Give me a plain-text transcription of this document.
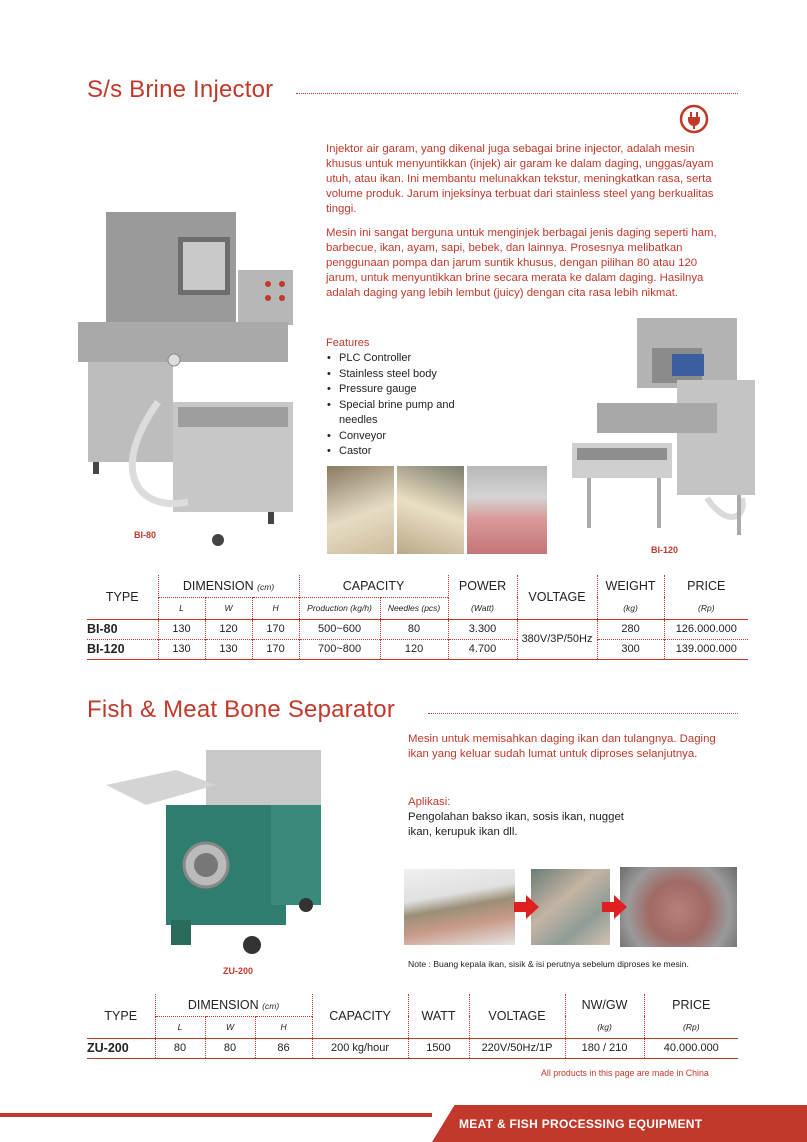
S/s Brine Injector
Injektor air garam, yang dikenal juga sebagai brine injector, adalah mesin khusus untuk menyuntikkan (injek) air garam ke dalam daging, unggas/ayam utuh, atau ikan. Ini membantu melunakkan tekstur, meningkatkan rasa, serta volume produk. Jarum injeksinya terbuat dari stainless steel yang berkualitas tinggi.
Mesin ini sangat berguna untuk menginjek berbagai jenis daging seperti ham, barbecue, ikan, ayam, sapi, bebek, dan lainnya. Prosesnya melibatkan penggunaan pompa dan jarum suntik khusus, dengan pilihan 80 atau 120 jarum, untuk menyuntikkan brine secara merata ke dalam daging. Hasilnya adalah daging yang lebih lembut (juicy) dengan cita rasa lebih nikmat.
BI-80
Features
• PLC Controller
• Stainless steel body
• Pressure gauge
• Special brine pump and needles
• Conveyor
• Castor
BI-120
TYPE	DIMENSION (cm)			CAPACITY		POWER	VOLTAGE	WEIGHT	PRICE
	L	W	H	Production (kg/h)	Needles (pcs)	(Watt)		(kg)	(Rp)
BI-80	130	120	170	500~600	80	3.300	380V/3P/50Hz	280	126.000.000
BI-120	130	130	170	700~800	120	4.700		300	139.000.000
Fish & Meat Bone Separator
ZU-200
Mesin untuk memisahkan daging ikan dan tulangnya. Daging ikan yang keluar sudah lumat untuk diproses selanjutnya.
Aplikasi:
Pengolahan bakso ikan, sosis ikan, nugget ikan, kerupuk ikan dll.
Note : Buang kepala ikan, sisik & isi perutnya sebelum diproses ke mesin.
TYPE	DIMENSION (cm)			CAPACITY	WATT	VOLTAGE	NW/GW	PRICE
	L	W	H				(kg)	(Rp)
ZU-200	80	80	86	200 kg/hour	1500	220V/50Hz/1P	180 / 210	40.000.000
All products in this page are made in China
MEAT & FISH PROCESSING EQUIPMENT
